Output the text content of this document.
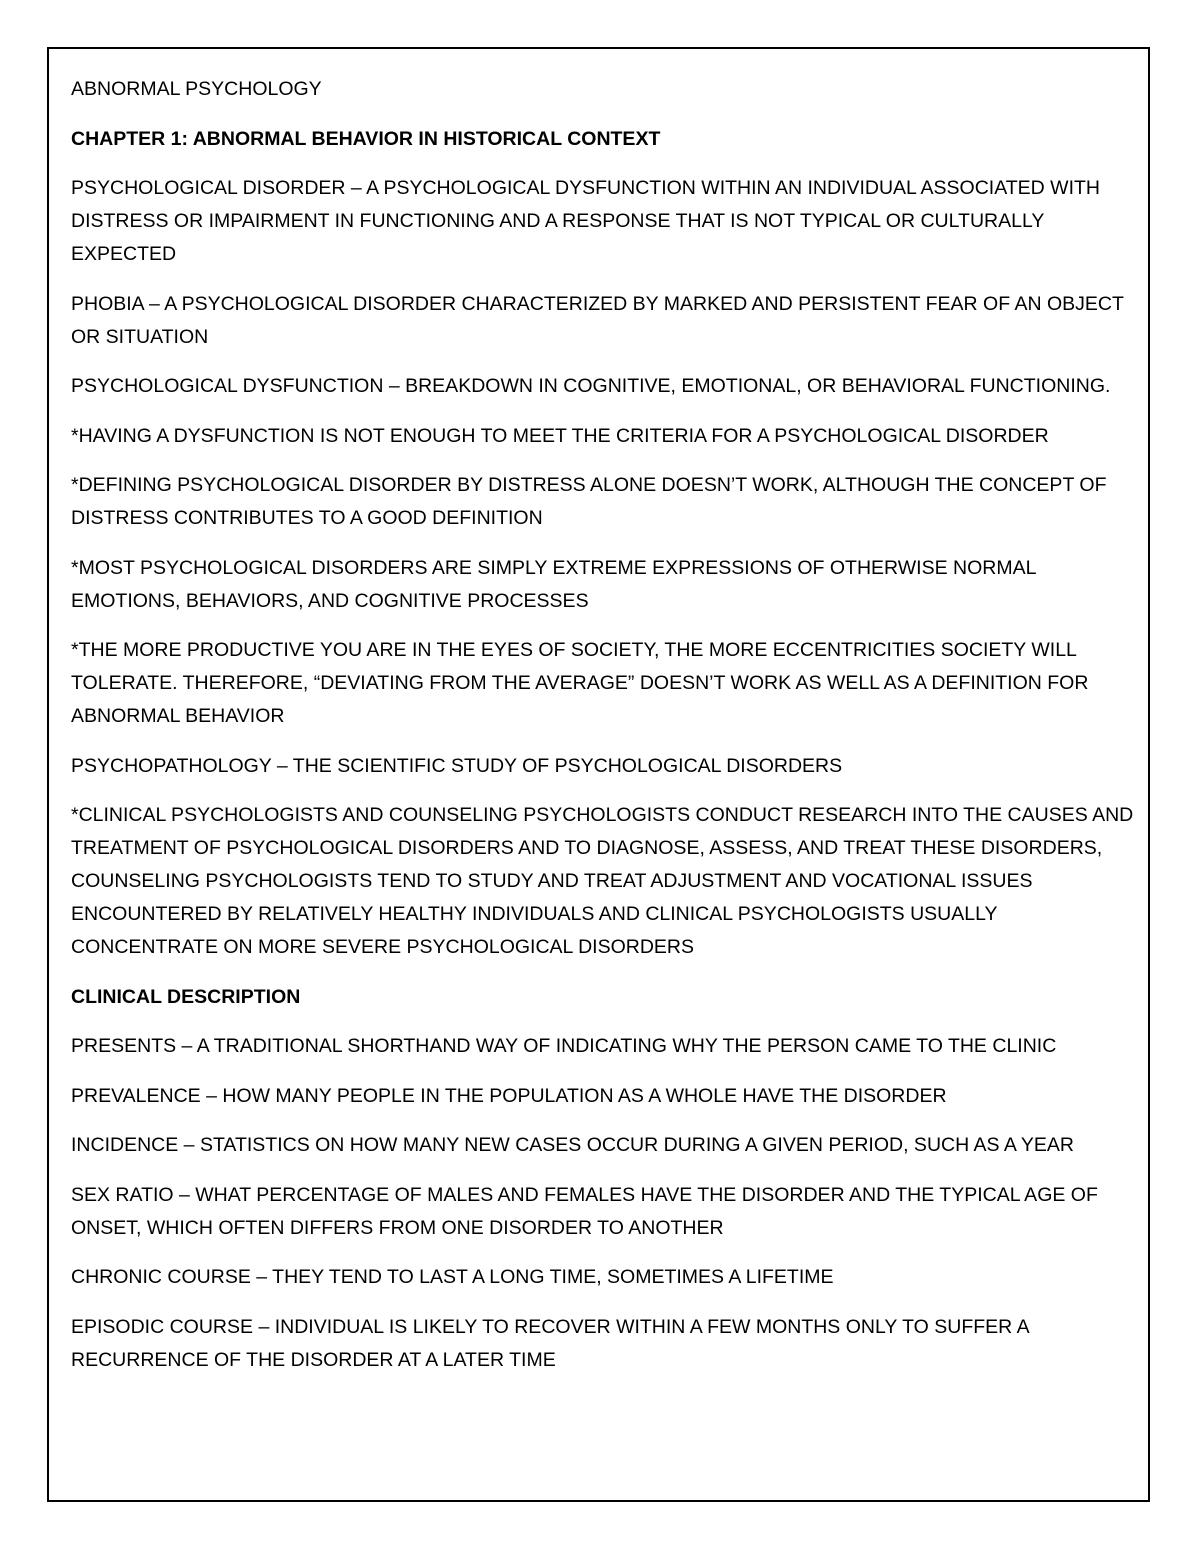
ABNORMAL PSYCHOLOGY

CHAPTER 1: ABNORMAL BEHAVIOR IN HISTORICAL CONTEXT

PSYCHOLOGICAL DISORDER – A PSYCHOLOGICAL DYSFUNCTION WITHIN AN INDIVIDUAL ASSOCIATED WITH DISTRESS OR IMPAIRMENT IN FUNCTIONING AND A RESPONSE THAT IS NOT TYPICAL OR CULTURALLY EXPECTED

PHOBIA – A PSYCHOLOGICAL DISORDER CHARACTERIZED BY MARKED AND PERSISTENT FEAR OF AN OBJECT OR SITUATION

PSYCHOLOGICAL DYSFUNCTION – BREAKDOWN IN COGNITIVE, EMOTIONAL, OR BEHAVIORAL FUNCTIONING.

*HAVING A DYSFUNCTION IS NOT ENOUGH TO MEET THE CRITERIA FOR A PSYCHOLOGICAL DISORDER

*DEFINING PSYCHOLOGICAL DISORDER BY DISTRESS ALONE DOESN’T WORK, ALTHOUGH THE CONCEPT OF DISTRESS CONTRIBUTES TO A GOOD DEFINITION

*MOST PSYCHOLOGICAL DISORDERS ARE SIMPLY EXTREME EXPRESSIONS OF OTHERWISE NORMAL EMOTIONS, BEHAVIORS, AND COGNITIVE PROCESSES

*THE MORE PRODUCTIVE YOU ARE IN THE EYES OF SOCIETY, THE MORE ECCENTRICITIES SOCIETY WILL TOLERATE. THEREFORE, “DEVIATING FROM THE AVERAGE” DOESN’T WORK AS WELL AS A DEFINITION FOR ABNORMAL BEHAVIOR

PSYCHOPATHOLOGY – THE SCIENTIFIC STUDY OF PSYCHOLOGICAL DISORDERS

*CLINICAL PSYCHOLOGISTS AND COUNSELING PSYCHOLOGISTS CONDUCT RESEARCH INTO THE CAUSES AND TREATMENT OF PSYCHOLOGICAL DISORDERS AND TO DIAGNOSE, ASSESS, AND TREAT THESE DISORDERS, COUNSELING PSYCHOLOGISTS TEND TO STUDY AND TREAT ADJUSTMENT AND VOCATIONAL ISSUES ENCOUNTERED BY RELATIVELY HEALTHY INDIVIDUALS AND CLINICAL PSYCHOLOGISTS USUALLY CONCENTRATE ON MORE SEVERE PSYCHOLOGICAL DISORDERS

CLINICAL DESCRIPTION

PRESENTS – A TRADITIONAL SHORTHAND WAY OF INDICATING WHY THE PERSON CAME TO THE CLINIC

PREVALENCE – HOW MANY PEOPLE IN THE POPULATION AS A WHOLE HAVE THE DISORDER

INCIDENCE – STATISTICS ON HOW MANY NEW CASES OCCUR DURING A GIVEN PERIOD, SUCH AS A YEAR

SEX RATIO – WHAT PERCENTAGE OF MALES AND FEMALES HAVE THE DISORDER AND THE TYPICAL AGE OF ONSET, WHICH OFTEN DIFFERS FROM ONE DISORDER TO ANOTHER

CHRONIC COURSE – THEY TEND TO LAST A LONG TIME, SOMETIMES A LIFETIME

EPISODIC COURSE – INDIVIDUAL IS LIKELY TO RECOVER WITHIN A FEW MONTHS ONLY TO SUFFER A RECURRENCE OF THE DISORDER AT A LATER TIME
